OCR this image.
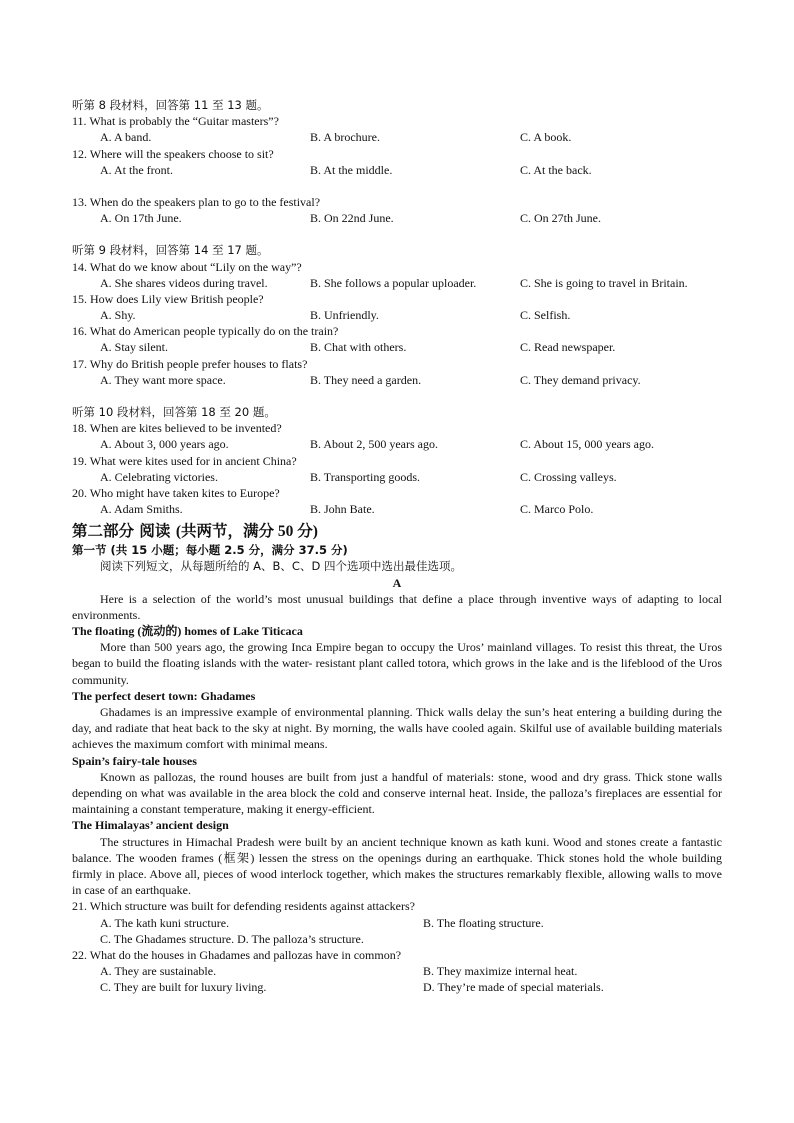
听第 8 段材料，回答第 11 至 13 题。
11. What is probably the “Guitar masters”?
A. A band.	B. A brochure.	C. A book.
12. Where will the speakers choose to sit?
A. At the front.	B. At the middle.	C. At the back.
13. When do the speakers plan to go to the festival?
A. On 17th June.	B. On 22nd June.	C. On 27th June.
听第 9 段材料，回答第 14 至 17 题。
14. What do we know about “Lily on the way”?
A. She shares videos during travel.	B. She follows a popular uploader.	C. She is going to travel in Britain.
15. How does Lily view British people?
A. Shy.	B. Unfriendly.	C. Selfish.
16. What do American people typically do on the train?
A. Stay silent.	B. Chat with others.	C. Read newspaper.
17. Why do British people prefer houses to flats?
A. They want more space.	B. They need a garden.	C. They demand privacy.
听第 10 段材料，回答第 18 至 20 题。
18. When are kites believed to be invented?
A. About 3, 000 years ago.	B. About 2, 500 years ago.	C. About 15, 000 years ago.
19. What were kites used for in ancient China?
A. Celebrating victories.	B. Transporting goods.	C. Crossing valleys.
20. Who might have taken kites to Europe?
A. Adam Smiths.	B. John Bate.	C. Marco Polo.
第二部分 阅读 (共两节，满分 50 分)
第一节 (共 15 小题；每小题 2.5 分，满分 37.5 分)
阅读下列短文，从每题所给的 A、B、C、D 四个选项中选出最佳选项。
A
Here is a selection of the world’s most unusual buildings that define a place through inventive ways of adapting to local environments.
The floating (流动的) homes of Lake Titicaca
More than 500 years ago, the growing Inca Empire began to occupy the Uros’ mainland villages. To resist this threat, the Uros began to build the floating islands with the water- resistant plant called totora, which grows in the lake and is the lifeblood of the Uros community.
The perfect desert town: Ghadames
Ghadames is an impressive example of environmental planning. Thick walls delay the sun’s heat entering a building during the day, and radiate that heat back to the sky at night. By morning, the walls have cooled again. Skilful use of available building materials achieves the maximum comfort with minimal means.
Spain’s fairy-tale houses
Known as pallozas, the round houses are built from just a handful of materials: stone, wood and dry grass. Thick stone walls depending on what was available in the area block the cold and conserve internal heat. Inside, the palloza’s fireplaces are essential for maintaining a constant temperature, making it energy-efficient.
The Himalayas’ ancient design
The structures in Himachal Pradesh were built by an ancient technique known as kath kuni. Wood and stones create a fantastic balance. The wooden frames (框架) lessen the stress on the openings during an earthquake. Thick stones hold the whole building firmly in place. Above all, pieces of wood interlock together, which makes the structures remarkably flexible, allowing walls to move in case of an earthquake.
21. Which structure was built for defending residents against attackers?
A. The kath kuni structure.	B. The floating structure.
C. The Ghadames structure. D. The palloza’s structure.
22. What do the houses in Ghadames and pallozas have in common?
A. They are sustainable.	B. They maximize internal heat.
C. They are built for luxury living.	D. They’re made of special materials.
